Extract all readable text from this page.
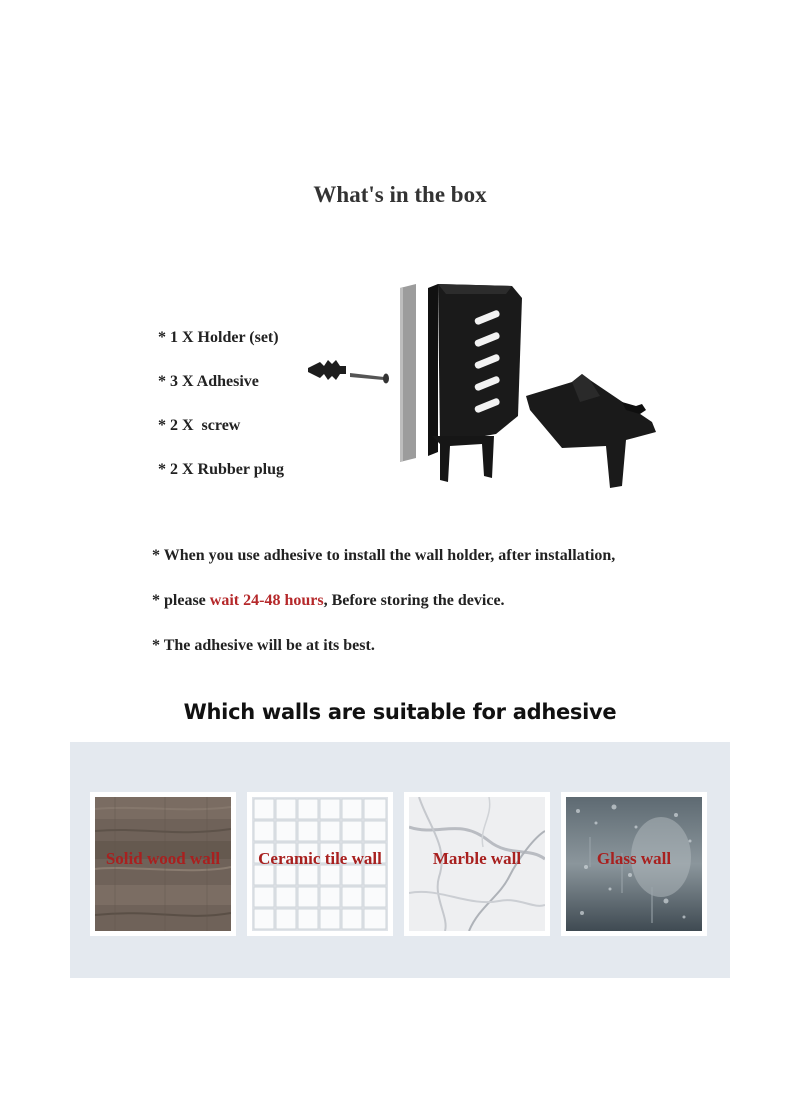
What's in the box
* 1 X Holder (set)
* 3 X Adhesive
* 2 X  screw
* 2 X Rubber plug
* When you use adhesive to install the wall holder, after installation,
* please wait 24-48 hours, Before storing the device.
* The adhesive will be at its best.
Which walls are suitable for adhesive
Solid wood wall	Ceramic tile wall	Marble wall	Glass wall
